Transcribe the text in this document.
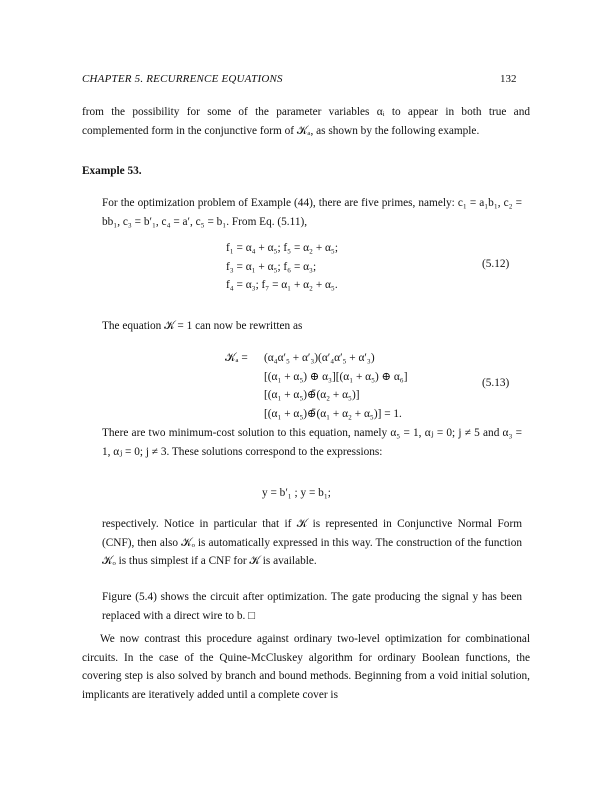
CHAPTER 5. RECURRENCE EQUATIONS	132
from the possibility for some of the parameter variables αᵢ to appear in both true and complemented form in the conjunctive form of 𝒦ₐ, as shown by the following example.
Example 53.
For the optimization problem of Example (44), there are five primes, namely: c₁ = a₁b₁, c₂ = bb₁, c₃ = b′₁, c₄ = a′, c₅ = b₁. From Eq. (5.11),
f₁ = α₄ + α₅; f₅ = α₂ + α₅;
f₃ = α₁ + α₅; f₆ = α₃;
f₄ = α₃; f₇ = α₁ + α₂ + α₅.
(5.12)
The equation 𝒦 = 1 can now be rewritten as
𝒦ₐ = (α₄α′₅ + α′₃)(α′₄α′₅ + α′₃)
[(α₁ + α₅) ⊕ α₃][(α₁ + α₅) ⊕ α₆]
[(α₁ + α₅)⊕̄(α₂ + α₅)]
[(α₁ + α₅)⊕̄(α₁ + α₂ + α₅)] = 1.
(5.13)
There are two minimum-cost solution to this equation, namely α₅ = 1, αⱼ = 0; j ≠ 5 and α₃ = 1, αⱼ = 0; j ≠ 3. These solutions correspond to the expressions:
y = b′₁ ; y = b₁;
respectively. Notice in particular that if 𝒦 is represented in Conjunctive Normal Form (CNF), then also 𝒦ₒ is automatically expressed in this way. The construction of the function 𝒦ₒ is thus simplest if a CNF for 𝒦 is available.
Figure (5.4) shows the circuit after optimization. The gate producing the signal y has been replaced with a direct wire to b. □
We now contrast this procedure against ordinary two-level optimization for combinational circuits. In the case of the Quine-McCluskey algorithm for ordinary Boolean functions, the covering step is also solved by branch and bound methods. Beginning from a void initial solution, implicants are iteratively added until a complete cover is
